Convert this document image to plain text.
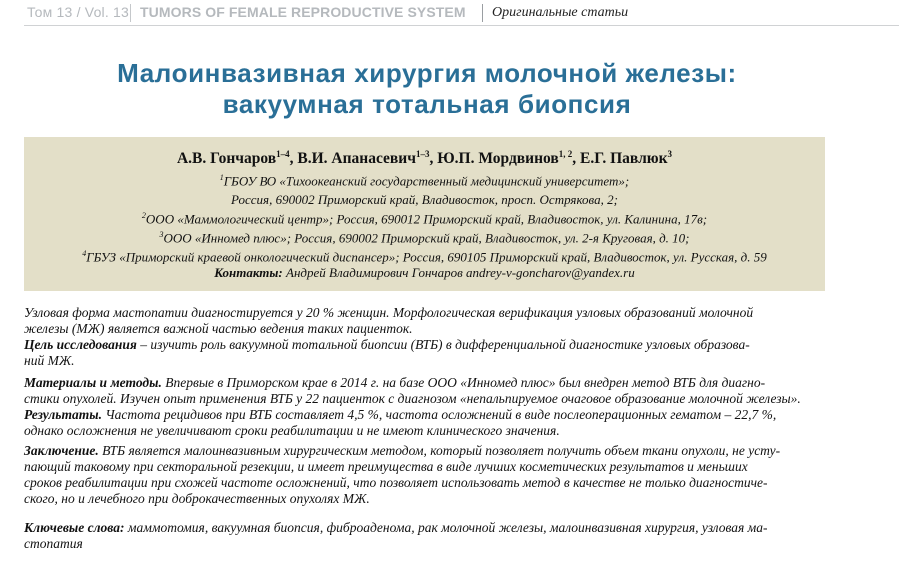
Том 13 / Vol. 13 TUMORS OF FEMALE REPRODUCTIVE SYSTEM Оригинальные статьи
Малоинвазивная хирургия молочной железы:
вакуумная тотальная биопсия
А.В. Гончаров$^{1-4}$, В.И. Апанасевич$^{1-3}$, Ю.П. Мордвинов$^{1, 2}$, Е.Г. Павлюк$^3$
$^1$ГБОУ ВО «Тихоокеанский государственный медицинский университет»;
Россия, 690002 Приморский край, Владивосток, просп. Острякова, 2;
$^2$ООО «Маммологический центр»; Россия, 690012 Приморский край, Владивосток, ул. Калинина, 17в;
$^3$ООО «Инномед плюс»; Россия, 690002 Приморский край, Владивосток, ул. 2-я Круговая, д. 10;
$^4$ГБУЗ «Приморский краевой онкологический диспансер»; Россия, 690105 Приморский край, Владивосток, ул. Русская, д. 59
Контакты: Андрей Владимирович Гончаров andrey-v-goncharov@yandex.ru
Узловая форма мастопатии диагностируется у 20 % женщин. Морфологическая верификация узловых образований молочной
железы (МЖ) является важной частью ведения таких пациенток.
Цель исследования – изучить роль вакуумной тотальной биопсии (ВТБ) в дифференциальной диагностике узловых образова-
ний МЖ.
Материалы и методы. Впервые в Приморском крае в 2014 г. на базе ООО «Инномед плюс» был внедрен метод ВТБ для диагно-
стики опухолей. Изучен опыт применения ВТБ у 22 пациенток с диагнозом «непальпируемое очаговое образование молочной железы».
Результаты. Частота рецидивов при ВТБ составляет 4,5 %, частота осложнений в виде послеоперационных гематом – 22,7 %,
однако осложнения не увеличивают сроки реабилитации и не имеют клинического значения.
Заключение. ВТБ является малоинвазивным хирургическим методом, который позволяет получить объем ткани опухоли, не усту-
пающий таковому при секторальной резекции, и имеет преимущества в виде лучших косметических результатов и меньших
сроков реабилитации при схожей частоте осложнений, что позволяет использовать метод в качестве не только диагностиче-
ского, но и лечебного при доброкачественных опухолях МЖ.
Ключевые слова: маммотомия, вакуумная биопсия, фиброаденома, рак молочной железы, малоинвазивная хирургия, узловая ма-
стопатия
